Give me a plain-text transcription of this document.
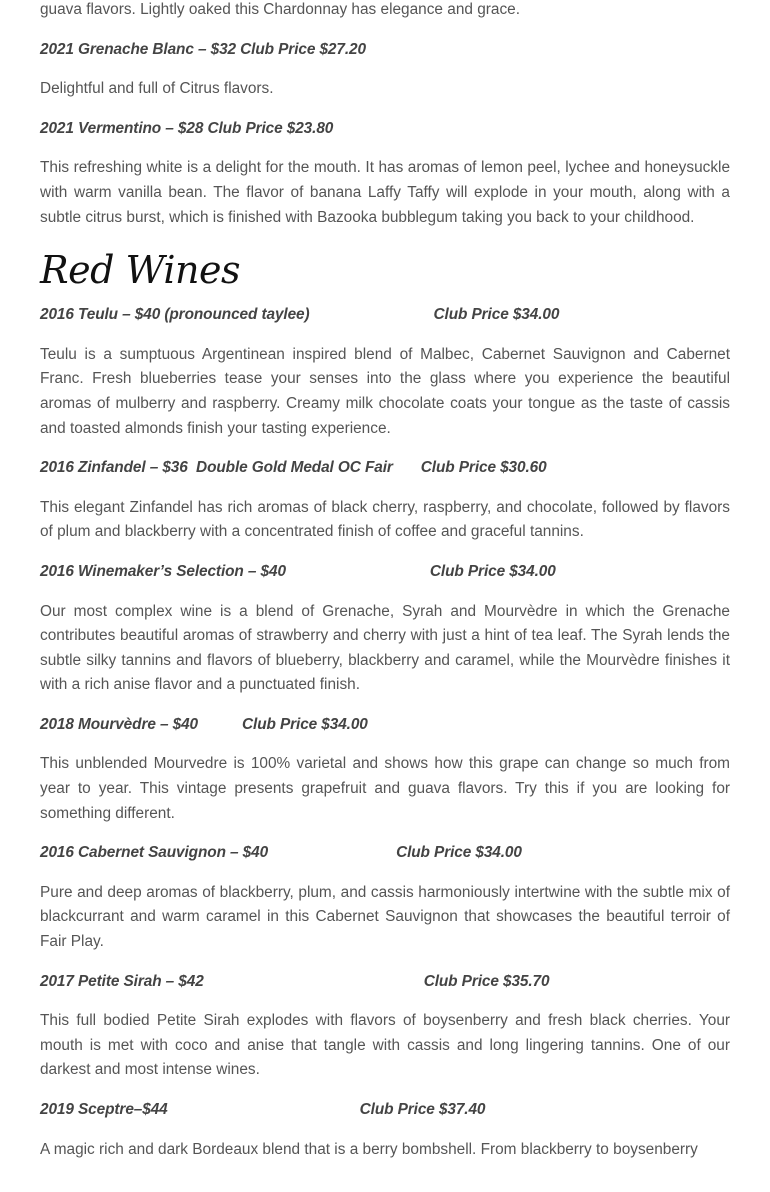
guava flavors. Lightly oaked this Chardonnay has elegance and grace.

2021 Grenache Blanc – $32 Club Price $27.20

Delightful and full of Citrus flavors.

2021 Vermentino – $28 Club Price $23.80

This refreshing white is a delight for the mouth. It has aromas of lemon peel, lychee and honeysuckle with warm vanilla bean. The flavor of banana Laffy Taffy will explode in your mouth, along with a subtle citrus burst, which is finished with Bazooka bubblegum taking you back to your childhood.

Red Wines

2016 Teulu – $40 (pronounced taylee)	Club Price $34.00

Teulu is a sumptuous Argentinean inspired blend of Malbec, Cabernet Sauvignon and Cabernet Franc. Fresh blueberries tease your senses into the glass where you experience the beautiful aromas of mulberry and raspberry. Creamy milk chocolate coats your tongue as the taste of cassis and toasted almonds finish your tasting experience.

2016 Zinfandel – $36  Double Gold Medal OC Fair Club Price $30.60

This elegant Zinfandel has rich aromas of black cherry, raspberry, and chocolate, followed by flavors of plum and blackberry with a concentrated finish of coffee and graceful tannins.

2016 Winemaker’s Selection – $40	Club Price $34.00

Our most complex wine is a blend of Grenache, Syrah and Mourvèdre in which the Grenache contributes beautiful aromas of strawberry and cherry with just a hint of tea leaf. The Syrah lends the subtle silky tannins and flavors of blueberry, blackberry and caramel, while the Mourvèdre finishes it with a rich anise flavor and a punctuated finish.

2018 Mourvèdre – $40	Club Price $34.00

This unblended Mourvedre is 100% varietal and shows how this grape can change so much from year to year. This vintage presents grapefruit and guava flavors. Try this if you are looking for something different.

2016 Cabernet Sauvignon – $40	Club Price $34.00

Pure and deep aromas of blackberry, plum, and cassis harmoniously intertwine with the subtle mix of blackcurrant and warm caramel in this Cabernet Sauvignon that showcases the beautiful terroir of Fair Play.

2017 Petite Sirah – $42	Club Price $35.70

This full bodied Petite Sirah explodes with flavors of boysenberry and fresh black cherries. Your mouth is met with coco and anise that tangle with cassis and long lingering tannins. One of our darkest and most intense wines.

2019 Sceptre–$44	Club Price $37.40

A magic rich and dark Bordeaux blend that is a berry bombshell. From blackberry to boysenberry
